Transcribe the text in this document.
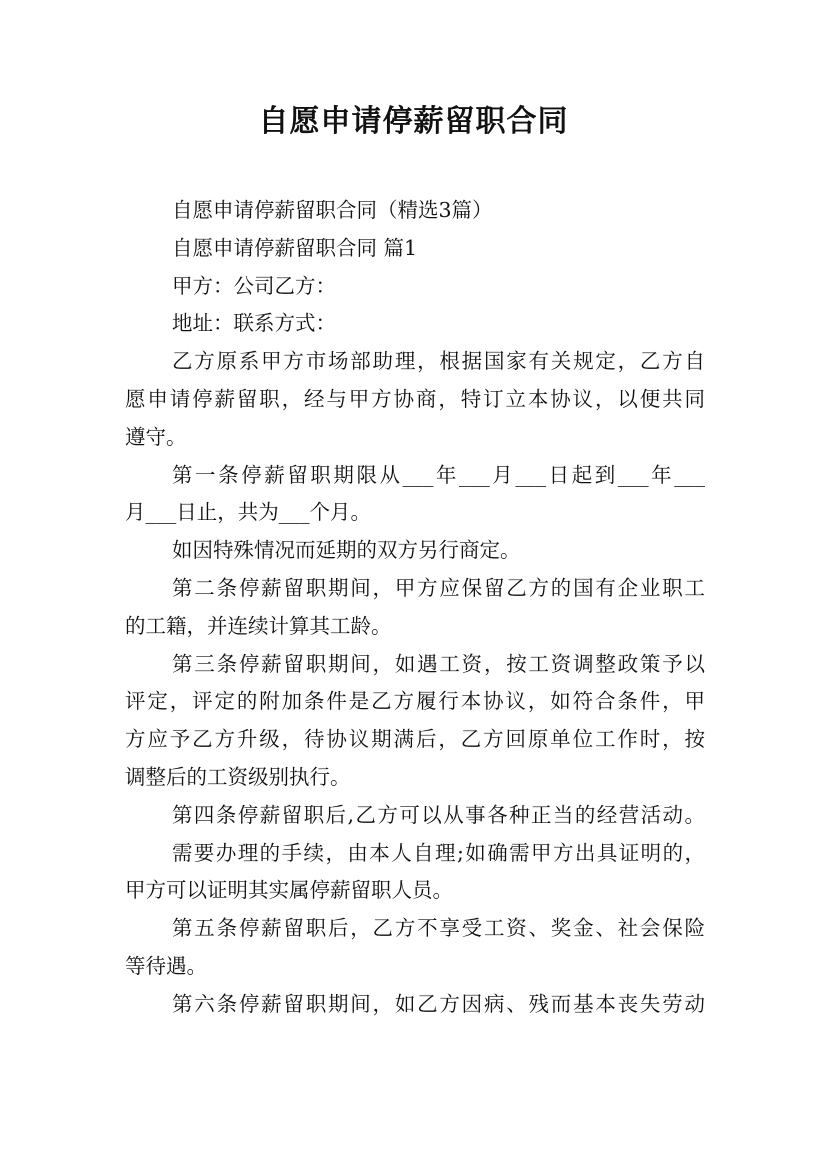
自愿申请停薪留职合同
自愿申请停薪留职合同（精选3篇）
自愿申请停薪留职合同 篇1
甲方：公司乙方：
地址：联系方式：
乙方原系甲方市场部助理，根据国家有关规定，乙方自
愿申请停薪留职，经与甲方协商，特订立本协议，以便共同
遵守。
第一条停薪留职期限从___年___月___日起到___年___
月___日止，共为___个月。
如因特殊情况而延期的双方另行商定。
第二条停薪留职期间，甲方应保留乙方的国有企业职工
的工籍，并连续计算其工龄。
第三条停薪留职期间，如遇工资，按工资调整政策予以
评定，评定的附加条件是乙方履行本协议，如符合条件，甲
方应予乙方升级，待协议期满后，乙方回原单位工作时，按
调整后的工资级别执行。
第四条停薪留职后,乙方可以从事各种正当的经营活动。
需要办理的手续，由本人自理;如确需甲方出具证明的，
甲方可以证明其实属停薪留职人员。
第五条停薪留职后，乙方不享受工资、奖金、社会保险
等待遇。
第六条停薪留职期间，如乙方因病、残而基本丧失劳动
